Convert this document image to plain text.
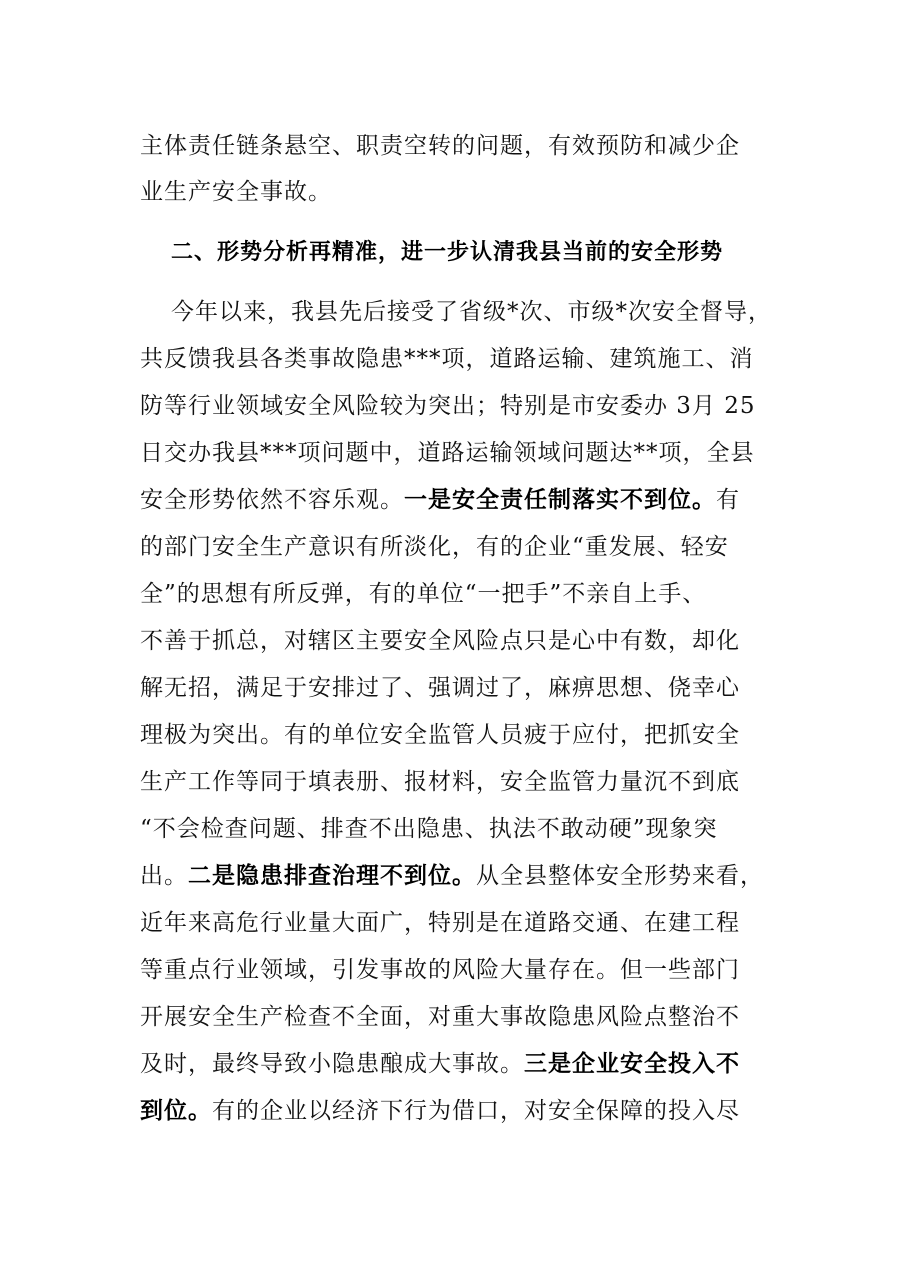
主体责任链条悬空、职责空转的问题，有效预防和减少企
业生产安全事故。
二、形势分析再精准，进一步认清我县当前的安全形势
今年以来，我县先后接受了省级*次、市级*次安全督导，
共反馈我县各类事故隐患***项，道路运输、建筑施工、消
防等行业领域安全风险较为突出；特别是市安委办 3月 25
日交办我县***项问题中，道路运输领域问题达**项，全县
安全形势依然不容乐观。一是安全责任制落实不到位。有
的部门安全生产意识有所淡化，有的企业“重发展、轻安
全”的思想有所反弹，有的单位“一把手”不亲自上手、
不善于抓总，对辖区主要安全风险点只是心中有数，却化
解无招，满足于安排过了、强调过了，麻痹思想、侥幸心
理极为突出。有的单位安全监管人员疲于应付，把抓安全
生产工作等同于填表册、报材料，安全监管力量沉不到底
“不会检查问题、排查不出隐患、执法不敢动硬”现象突
出。二是隐患排查治理不到位。从全县整体安全形势来看，
近年来高危行业量大面广，特别是在道路交通、在建工程
等重点行业领域，引发事故的风险大量存在。但一些部门
开展安全生产检查不全面，对重大事故隐患风险点整治不
及时，最终导致小隐患酿成大事故。三是企业安全投入不
到位。有的企业以经济下行为借口，对安全保障的投入尽
